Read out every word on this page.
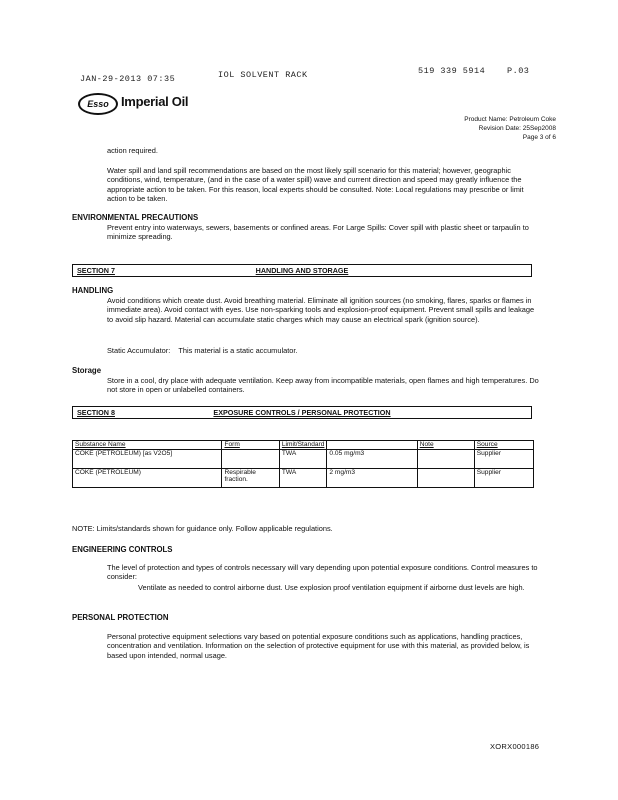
JAN-29-2013 07:35	IOL SOLVENT RACK	519 339 5914	P.03
Esso Imperial Oil
Product Name: Petroleum Coke
Revision Date: 25Sep2008
Page 3 of 6
action required.
Water spill and land spill recommendations are based on the most likely spill scenario for this material; however, geographic conditions, wind, temperature, (and in the case of a water spill) wave and current direction and speed may greatly influence the appropriate action to be taken. For this reason, local experts should be consulted. Note: Local regulations may prescribe or limit action to be taken.
ENVIRONMENTAL PRECAUTIONS
Prevent entry into waterways, sewers, basements or confined areas. For Large Spills: Cover spill with plastic sheet or tarpaulin to minimize spreading.
SECTION 7	HANDLING AND STORAGE
HANDLING
Avoid conditions which create dust. Avoid breathing material. Eliminate all ignition sources (no smoking, flares, sparks or flames in immediate area). Avoid contact with eyes. Use non-sparking tools and explosion-proof equipment. Prevent small spills and leakage to avoid slip hazard. Material can accumulate static charges which may cause an electrical spark (ignition source).
Static Accumulator: This material is a static accumulator.
Storage
Store in a cool, dry place with adequate ventilation. Keep away from incompatible materials, open flames and high temperatures. Do not store in open or unlabelled containers.
SECTION 8	EXPOSURE CONTROLS / PERSONAL PROTECTION
Substance Name	Form	Limit/Standard		Note	Source
COKE (PETROLEUM) [as V2O5]		TWA	0.05 mg/m3		Supplier
COKE (PETROLEUM)	Respirable fraction.	TWA	2 mg/m3		Supplier
NOTE: Limits/standards shown for guidance only. Follow applicable regulations.
ENGINEERING CONTROLS
The level of protection and types of controls necessary will vary depending upon potential exposure conditions. Control measures to consider:
Ventilate as needed to control airborne dust. Use explosion proof ventilation equipment if airborne dust levels are high.
PERSONAL PROTECTION
Personal protective equipment selections vary based on potential exposure conditions such as applications, handling practices, concentration and ventilation. Information on the selection of protective equipment for use with this material, as provided below, is based upon intended, normal usage.
XORX000186
